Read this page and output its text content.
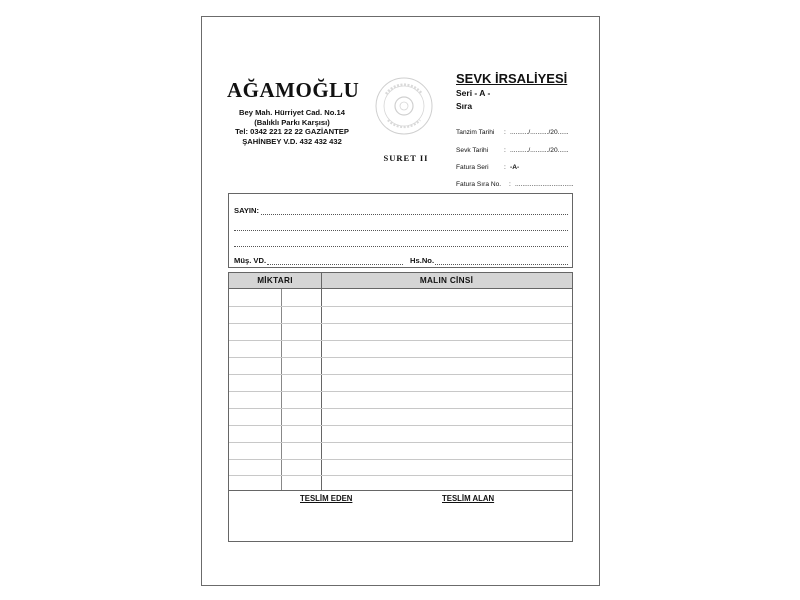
AĞAMOĞLU
Bey Mah. Hürriyet Cad. No.14
(Balıklı Parkı Karşısı)
Tel: 0342 221 22 22 GAZİANTEP
ŞAHİNBEY V.D. 432 432 432
SURET II
SEVK İRSALİYESİ
Seri - A -
Sıra
Tanzim Tarihi	: ........../........../20......
Sevk Tarihi	: ........../........../20......
Fatura Seri	: -A-
Fatura Sıra No.	: ................................
SAYIN:
Müş. VD.	Hs.No.
MİKTARI	MALIN CİNSİ
TESLİM EDEN	TESLİM ALAN
